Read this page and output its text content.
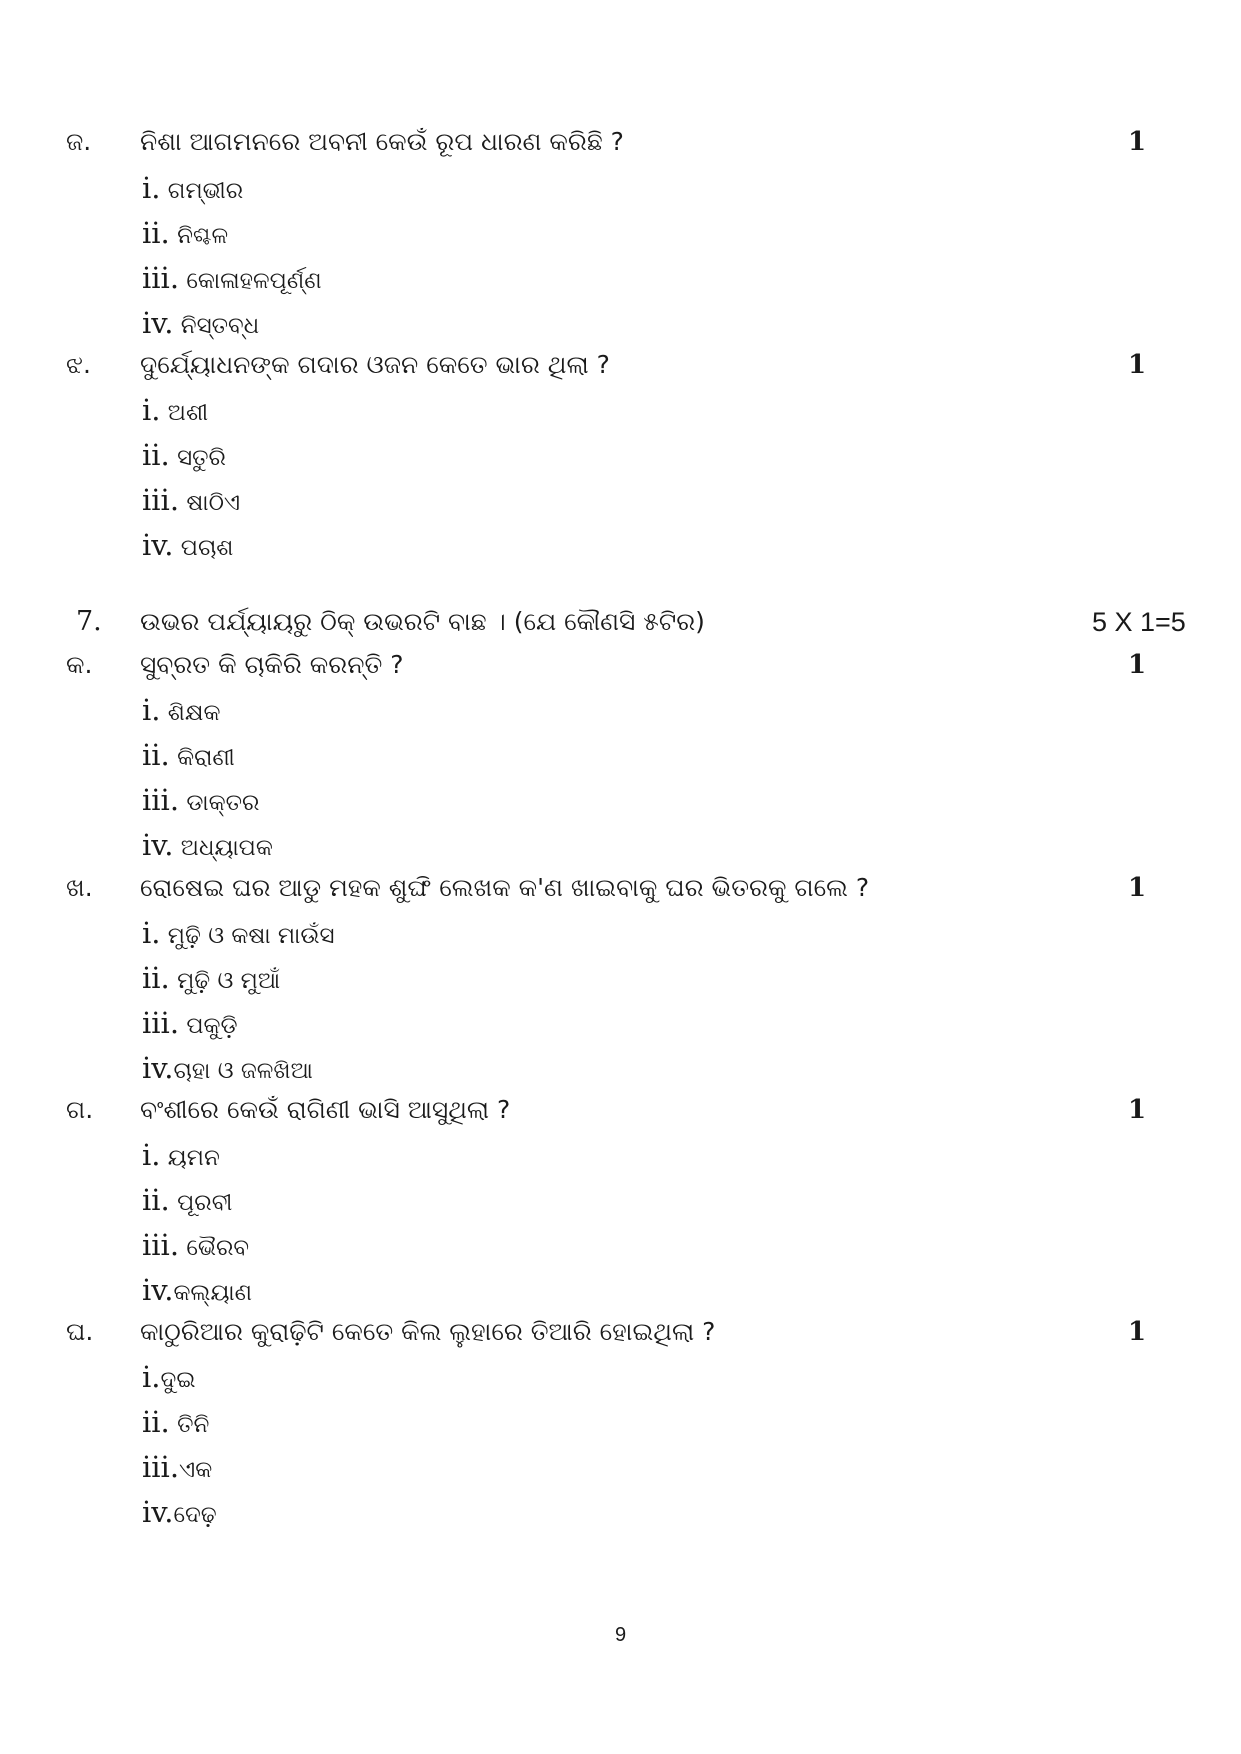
ଜ. ନିଶା ଆଗମନରେ ଅବନୀ କେଉଁ ରୂପ ଧାରଣ କରିଛି ?	1
i. ଗମ୍ଭୀର
ii. ନିଶ୍ଚଳ
iii. କୋଳାହଳପୂର୍ଣ୍ଣ
iv. ନିସ୍ତବ୍ଧ
ଝ. ଦୁର୍ଯ୍ୟୋଧନଙ୍କ ଗଦାର ଓଜନ କେତେ ଭାର ଥିଲା ?	1
i. ଅଶୀ
ii. ସତୁରି
iii. ଷାଠିଏ
iv. ପଚାଶ
7. ଉଭର ପର୍ଯ୍ୟାୟରୁ ଠିକ୍ ଉଭରଟି ବାଛ । (ଯେ କୌଣସି ୫ଟିର)	5 X 1=5
କ. ସୁବ୍ରତ କି ଚାକିରି କରନ୍ତି ?	1
i. ଶିକ୍ଷକ
ii. କିରାଣୀ
iii. ଡାକ୍ତର
iv. ଅଧ୍ୟାପକ
ଖ. ରୋଷେଇ ଘର ଆଡୁ ମହକ ଶୁଙ୍ଘି ଲେଖକ କ'ଣ ଖାଇବାକୁ ଘର ଭିତରକୁ ଗଲେ ?	1
i. ମୁଢ଼ି ଓ କଷା ମାଉଁସ
ii. ମୁଢ଼ି ଓ ମୁଆଁ
iii. ପକୁଡ଼ି
iv.ଚାହା ଓ ଜଳଖିଆ
ଗ. ବଂଶୀରେ କେଉଁ ରାଗିଣୀ ଭାସି ଆସୁଥିଲା ?	1
i. ୟମନ
ii. ପୂରବୀ
iii. ଭୈରବ
iv.କଲ୍ୟାଣ
ଘ. କାଠୁରିଆର କୁରାଢ଼ିଟି କେତେ କିଲ ଲୁହାରେ ତିଆରି ହୋଇଥିଲା ?	1
i.ଦୁଇ
ii. ତିନି
iii.ଏକ
iv.ଦେଢ଼
9
